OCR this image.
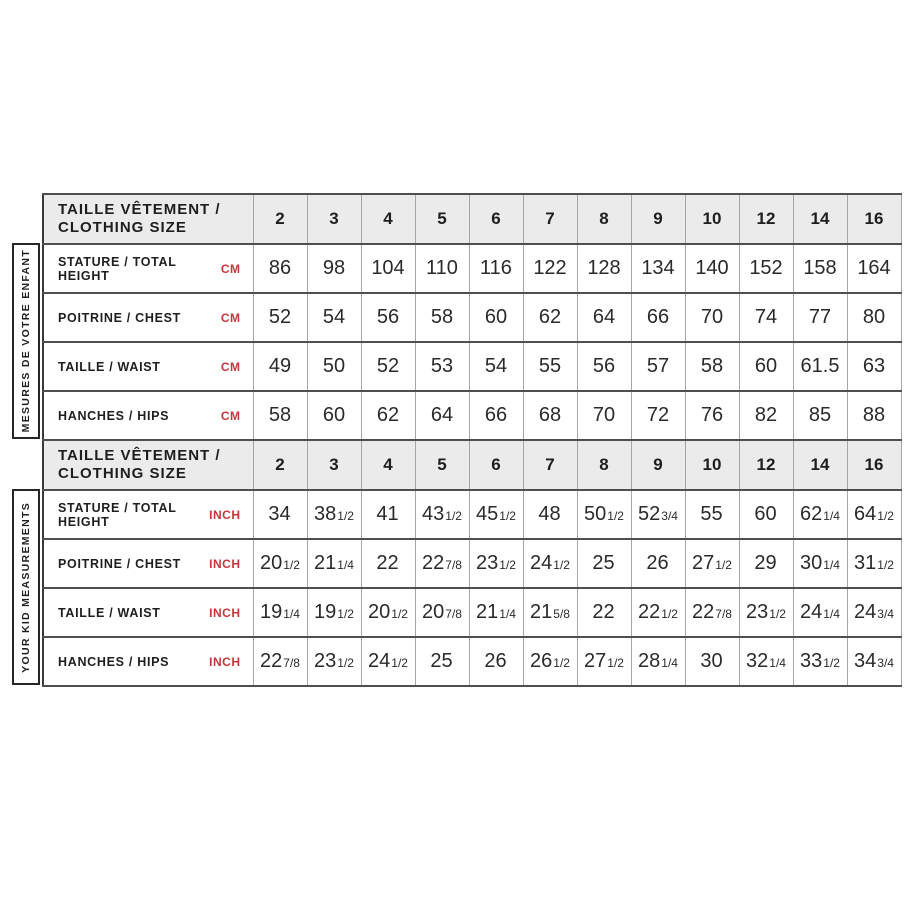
MESURES DE VOTRE ENFANT
YOUR KID MEASUREMENTS
TAILLE VÊTEMENT /
CLOTHING SIZE	2	3	4	5	6	7	8	9	10	12	14	16

STATURE / TOTAL HEIGHT CM	86	98	104	110	116	122	128	134	140	152	158	164

POITRINE / CHEST CM	52	54	56	58	60	62	64	66	70	74	77	80

TAILLE / WAIST CM	49	50	52	53	54	55	56	57	58	60	61.5	63

HANCHES / HIPS CM	58	60	62	64	66	68	70	72	76	82	85	88

TAILLE VÊTEMENT /
CLOTHING SIZE	2	3	4	5	6	7	8	9	10	12	14	16

STATURE / TOTAL HEIGHT INCH	34	381/2	41	431/2	451/2	48	501/2	523/4	55	60	621/4	641/2

POITRINE / CHEST INCH	201/2	211/4	22	227/8	231/2	241/2	25	26	271/2	29	301/4	311/2

TAILLE / WAIST INCH	191/4	191/2	201/2	207/8	211/4	215/8	22	221/2	227/8	231/2	241/4	243/4

HANCHES / HIPS INCH	227/8	231/2	241/2	25	26	261/2	271/2	281/4	30	321/4	331/2	343/4
